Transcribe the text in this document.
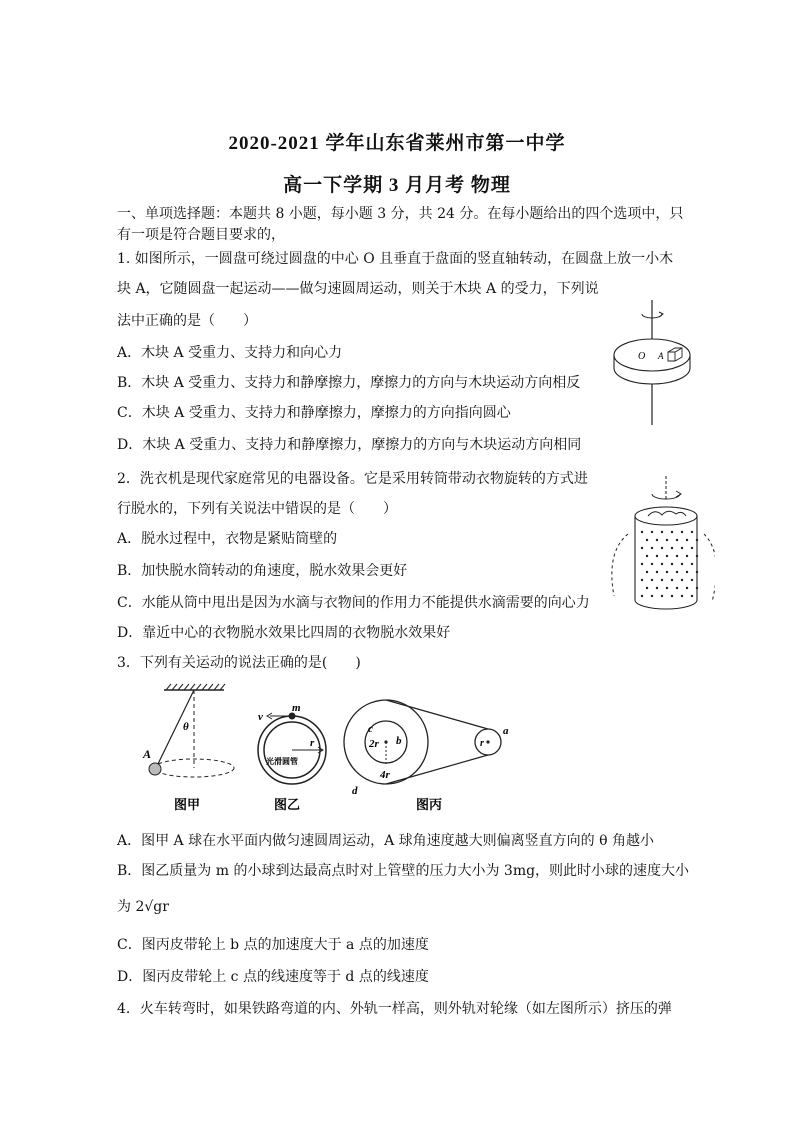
2020-2021 学年山东省莱州市第一中学
高一下学期 3 月月考 物理
一、单项选择题：本题共 8 小题，每小题 3 分，共 24 分。在每小题给出的四个选项中，只
有一项是符合题目要求的，
1. 如图所示，一圆盘可绕过圆盘的中心 O 且垂直于盘面的竖直轴转动，在圆盘上放一小木
块 A，它随圆盘一起运动——做匀速圆周运动，则关于木块 A 的受力，下列说
法中正确的是（　　）
A．木块 A 受重力、支持力和向心力
B．木块 A 受重力、支持力和静摩擦力，摩擦力的方向与木块运动方向相反
C．木块 A 受重力、支持力和静摩擦力，摩擦力的方向指向圆心
D．木块 A 受重力、支持力和静摩擦力，摩擦力的方向与木块运动方向相同
O A
2．洗衣机是现代家庭常见的电器设备。它是采用转筒带动衣物旋转的方式进
行脱水的，下列有关说法中错误的是（　　）
A．脱水过程中，衣物是紧贴筒壁的
B．加快脱水筒转动的角速度，脱水效果会更好
C．水能从筒中甩出是因为水滴与衣物间的作用力不能提供水滴需要的向心力
D．靠近中心的衣物脱水效果比四周的衣物脱水效果好
3．下列有关运动的说法正确的是(　　)
θ
A
图甲
v
m
r
光滑圆管
图乙
c
2r b
4r
d
r
a
图丙
A．图甲 A 球在水平面内做匀速圆周运动，A 球角速度越大则偏离竖直方向的 θ 角越小
B．图乙质量为 m 的小球到达最高点时对上管壁的压力大小为 3mg，则此时小球的速度大小
为 2√gr
C．图丙皮带轮上 b 点的加速度大于 a 点的加速度
D．图丙皮带轮上 c 点的线速度等于 d 点的线速度
4．火车转弯时，如果铁路弯道的内、外轨一样高，则外轨对轮缘（如左图所示）挤压的弹
